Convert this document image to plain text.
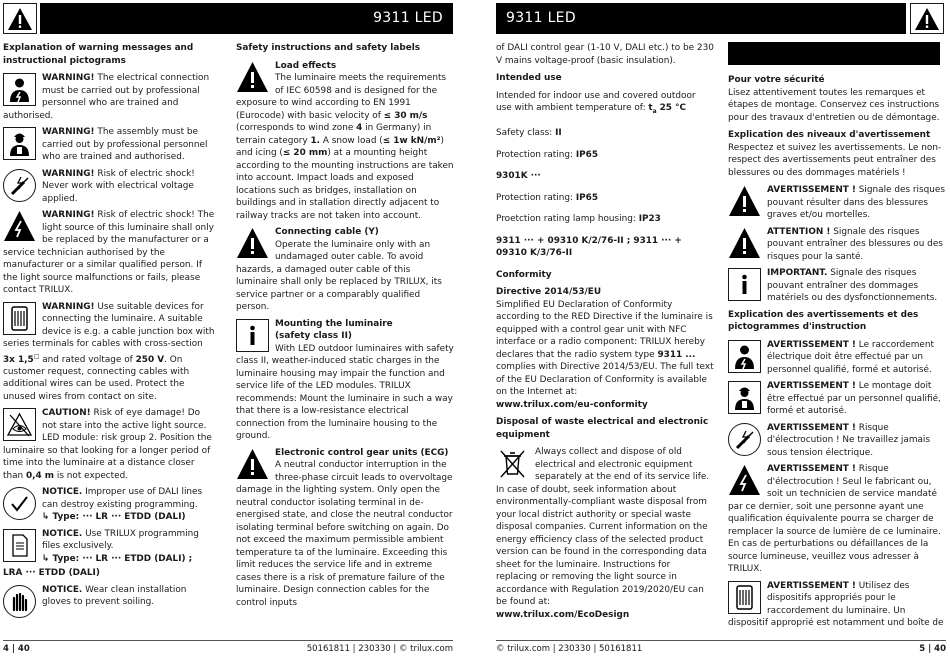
9311 LED

Explanation of warning messages and instructional pictograms

WARNING! The electrical connection must be carried out by professional personnel who are trained and authorised.

WARNING! The assembly must be carried out by professional personnel who are trained and authorised.

WARNING! Risk of electric shock! Never work with electrical voltage applied.

WARNING! Risk of electric shock! The light source of this luminaire shall only be replaced by the manufacturer or a service technician authorised by the manufacturer or a similar qualified person. If the light source malfunctions or fails, please contact TRILUX.

WARNING! Use suitable devices for connecting the luminaire. A suitable device is e.g. a cable junction box with series terminals for cables with cross-section 3x 1,5□ and rated voltage of 250 V. On customer request, connecting cables with additional wires can be used. Protect the unused wires from contact on site.

CAUTION! Risk of eye damage! Do not stare into the active light source. LED module: risk group 2. Position the luminaire so that looking for a longer period of time into the luminaire at a distance closer than 0,4 m is not expected.

NOTICE. Improper use of DALI lines can destroy existing programming.

↳ Type: ··· LR ··· ETDD (DALI)

NOTICE. Use TRILUX programming files exclusively.

↳ Type: ··· LR ··· ETDD (DALI) ;

LRA ··· ETDD (DALI)

NOTICE. Wear clean installation gloves to prevent soiling.

Safety instructions and safety labels

Load effects

The luminaire meets the requirements of IEC 60598 and is designed for the exposure to wind according to EN 1991 (Eurocode) with basic velocity of ≤ 30 m/s (corresponds to wind zone 4 in Germany) in terrain category 1. A snow load (≤ 1w kN/m²) and icing (≤ 20 mm) at a mounting height according to the mounting instructions are taken into account. Impact loads and exposed locations such as bridges, installation on buildings and in stallation directly adjacent to railway tracks are not taken into account.

Connecting cable (Y)

Operate the luminaire only with an undamaged outer cable. To avoid hazards, a damaged outer cable of this luminaire shall only be replaced by TRILUX, its service partner or a comparably qualified person.

Mounting the luminaire

(safety class II)

With LED outdoor luminaires with safety class II, weather-induced static charges in the luminaire housing may impair the function and service life of the LED modules. TRILUX recommends: Mount the luminaire in such a way that there is a low-resistance electrical connection from the luminaire housing to the ground.

Electronic control gear units (ECG)

A neutral conductor interruption in the three-phase circuit leads to overvoltage damage in the lighting system. Only open the neutral conductor isolating terminal in de-energised state, and close the neutral conductor isolating terminal before switching on again. Do not exceed the maximum permissible ambient temperature ta of the luminaire. Exceeding this limit reduces the service life and in extreme cases there is a risk of premature failure of the luminaire. Design connection cables for the control inputs

4 | 40	50161811 | 230330 | © trilux.com
9311 LED

of DALI control gear (1-10 V, DALI etc.) to be 230 V mains voltage-proof (basic insulation).

Intended use

Intended for indoor use and covered outdoor use with ambient temperature of: $t_a$ 25 °C

Safety class: II

Protection rating: IP65

9301K ···

Protection rating: IP65

Proetction rating lamp housing: IP23

9311 ··· + 09310 K/2/76-II ; 9311 ··· + 09310 K/3/76-II

Conformity

Directive 2014/53/EU

Simplified EU Declaration of Conformity according to the RED Directive if the luminaire is equipped with a control gear unit with NFC interface or a radio component: TRILUX hereby declares that the radio system type 9311 ... complies with Directive 2014/53/EU. The full text of the EU Declaration of Conformity is available on the Internet at:

www.trilux.com/eu-conformity

Disposal of waste electrical and electronic equipment

Always collect and dispose of old electrical and electronic equipment separately at the end of its service life. In case of doubt, seek information about environmentally-compliant waste disposal from your local district authority or special waste disposal companies. Current information on the energy efficiency class of the selected product version can be found in the corresponding data sheet for the luminaire. Instructions for replacing or removing the light source in accordance with Regulation 2019/2020/EU can be found at:

www.trilux.com/EcoDesign

Pour votre sécurité

Lisez attentivement toutes les remarques et étapes de montage. Conservez ces instructions pour des travaux d'entretien ou de démontage.

Explication des niveaux d'avertissement

Respectez et suivez les avertissements. Le non-respect des avertissements peut entraîner des blessures ou des dommages matériels !

AVERTISSEMENT ! Signale des risques pouvant résulter dans des blessures graves et/ou mortelles.

ATTENTION ! Signale des risques pouvant entraîner des blessures ou des risques pour la santé.

IMPORTANT. Signale des risques pouvant entraîner des dommages matériels ou des dysfonctionnements.

Explication des avertissements et des pictogrammes d'instruction

AVERTISSEMENT ! Le raccordement électrique doit être effectué par un personnel qualifié, formé et autorisé.

AVERTISSEMENT ! Le montage doit être effectué par un personnel qualifié, formé et autorisé.

AVERTISSEMENT ! Risque d'électrocution ! Ne travaillez jamais sous tension électrique.

AVERTISSEMENT ! Risque d'électrocution ! Seul le fabricant ou, soit un technicien de service mandaté par ce dernier, soit une personne ayant une qualification équivalente pourra se charger de remplacer la source de lumière de ce luminaire. En cas de perturbations ou défaillances de la source lumineuse, veuillez vous adresser à TRILUX.

AVERTISSEMENT ! Utilisez des dispositifs appropriés pour le raccordement du luminaire. Un dispositif approprié est notamment und boîte de

© trilux.com | 230330 | 50161811	5 | 40
